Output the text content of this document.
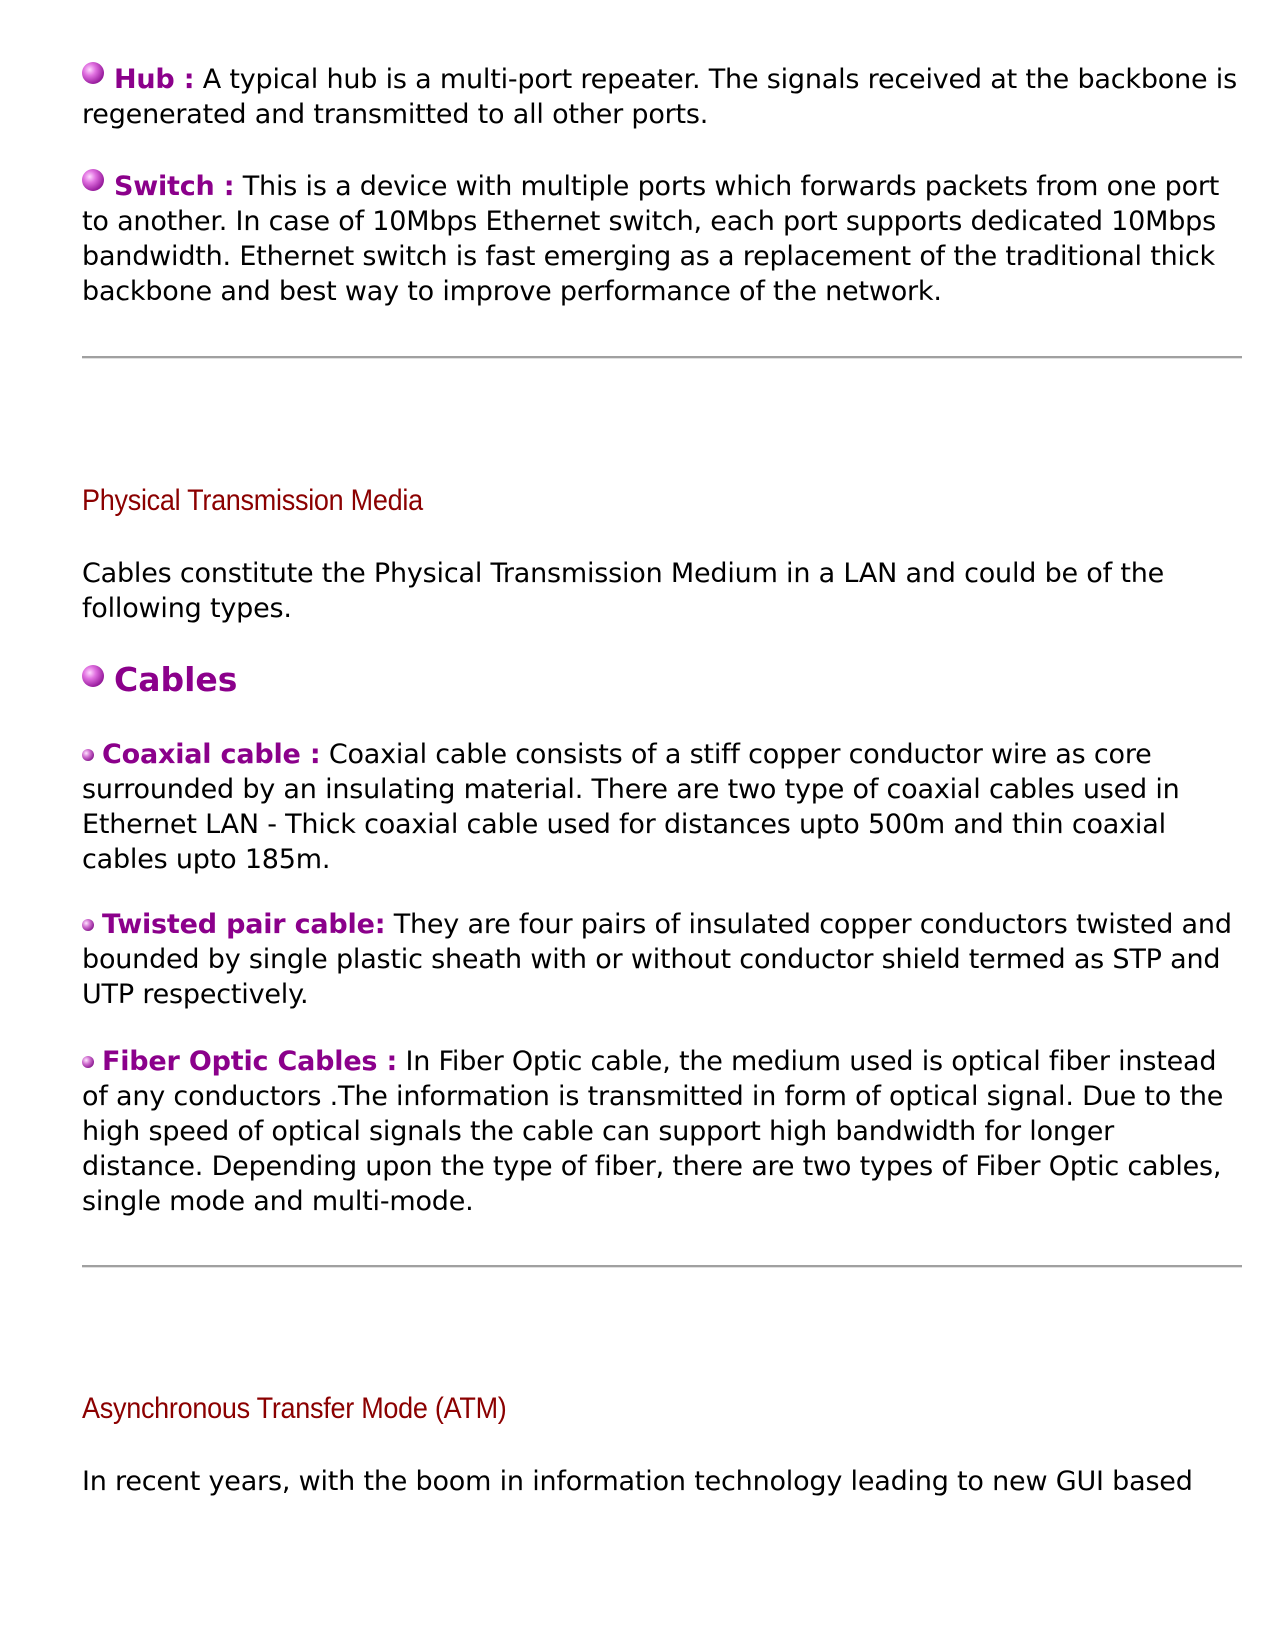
Hub : A typical hub is a multi-port repeater. The signals received at the backbone is regenerated and transmitted to all other ports.
Switch : This is a device with multiple ports which forwards packets from one port to another. In case of 10Mbps Ethernet switch, each port supports dedicated 10Mbps bandwidth. Ethernet switch is fast emerging as a replacement of the traditional thick backbone and best way to improve performance of the network.
Physical Transmission Media
Cables constitute the Physical Transmission Medium in a LAN and could be of the following types.
Cables
Coaxial cable : Coaxial cable consists of a stiff copper conductor wire as core surrounded by an insulating material. There are two type of coaxial cables used in Ethernet LAN - Thick coaxial cable used for distances upto 500m and thin coaxial cables upto 185m.
Twisted pair cable: They are four pairs of insulated copper conductors twisted and bounded by single plastic sheath with or without conductor shield termed as STP and UTP respectively.
Fiber Optic Cables : In Fiber Optic cable, the medium used is optical fiber instead of any conductors .The information is transmitted in form of optical signal. Due to the high speed of optical signals the cable can support high bandwidth for longer distance. Depending upon the type of fiber, there are two types of Fiber Optic cables, single mode and multi-mode.
Asynchronous Transfer Mode (ATM)
In recent years, with the boom in information technology leading to new GUI based
